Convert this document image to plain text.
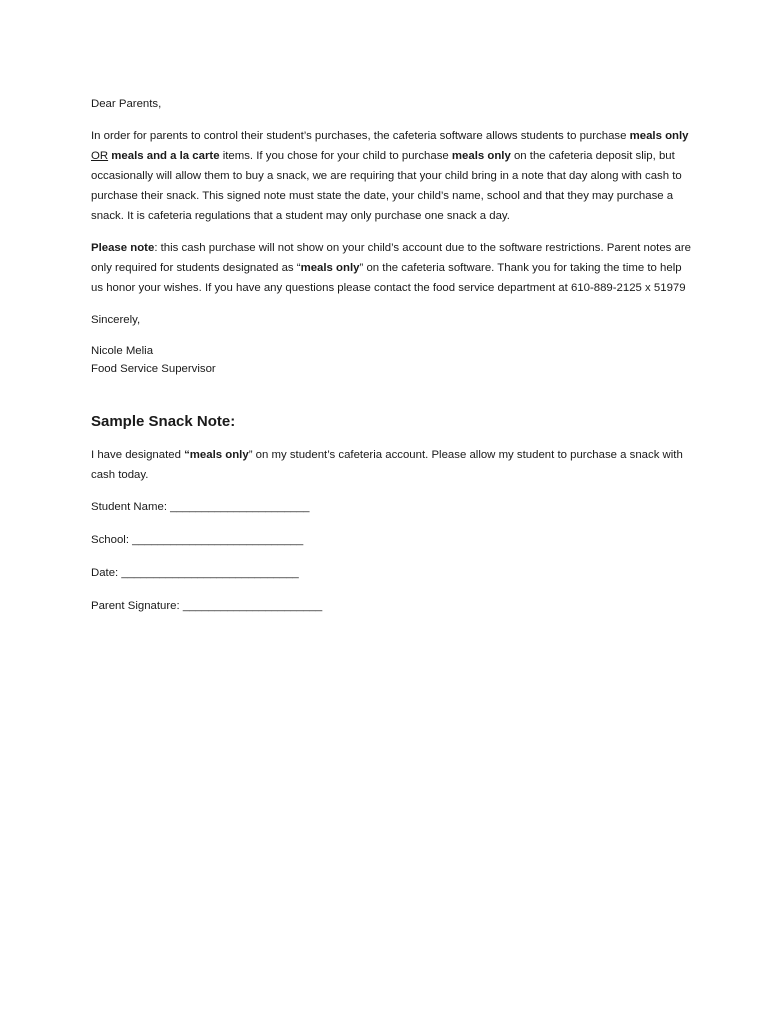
Dear Parents,

In order for parents to control their student’s purchases, the cafeteria software allows students to purchase meals only OR meals and a la carte items. If you chose for your child to purchase meals only on the cafeteria deposit slip, but occasionally will allow them to buy a snack, we are requiring that your child bring in a note that day along with cash to purchase their snack. This signed note must state the date, your child’s name, school and that they may purchase a snack. It is cafeteria regulations that a student may only purchase one snack a day.

Please note: this cash purchase will not show on your child’s account due to the software restrictions. Parent notes are only required for students designated as “meals only” on the cafeteria software. Thank you for taking the time to help us honor your wishes. If you have any questions please contact the food service department at 610-889-2125 x 51979

Sincerely,

Nicole Melia

Food Service Supervisor

Sample Snack Note:

I have designated “meals only” on my student’s cafeteria account. Please allow my student to purchase a snack with cash today.

Student Name: ______________________

School: ___________________________

Date: ____________________________

Parent Signature: ______________________
